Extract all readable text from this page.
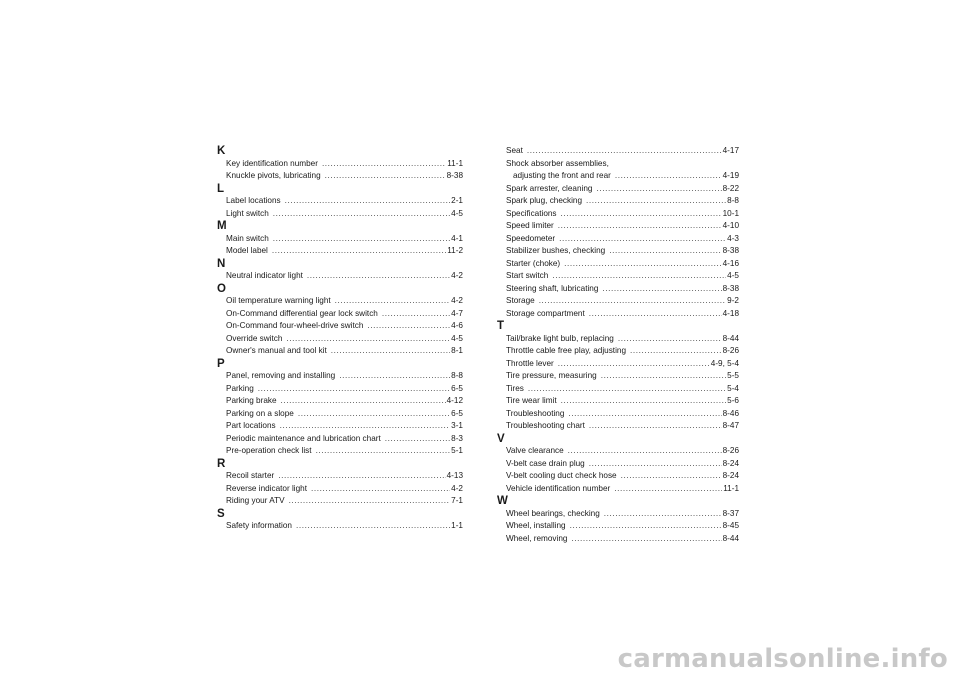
K
Key identification number .....	11-1
Knuckle pivots, lubricating .....	8-38
L
Label locations .....	2-1
Light switch .....	4-5
M
Main switch .....	4-1
Model label .....	11-2
N
Neutral indicator light .....	4-2
O
Oil temperature warning light .....	4-2
On-Command differential gear lock switch .....	4-7
On-Command four-wheel-drive switch .....	4-6
Override switch .....	4-5
Owner's manual and tool kit .....	8-1
P
Panel, removing and installing .....	8-8
Parking .....	6-5
Parking brake .....	4-12
Parking on a slope .....	6-5
Part locations .....	3-1
Periodic maintenance and lubrication chart .....	8-3
Pre-operation check list .....	5-1
R
Recoil starter .....	4-13
Reverse indicator light .....	4-2
Riding your ATV .....	7-1
S
Safety information .....	1-1
Seat .....	4-17
Shock absorber assemblies,
adjusting the front and rear .....	4-19
Spark arrester, cleaning .....	8-22
Spark plug, checking .....	8-8
Specifications .....	10-1
Speed limiter .....	4-10
Speedometer .....	4-3
Stabilizer bushes, checking .....	8-38
Starter (choke) .....	4-16
Start switch .....	4-5
Steering shaft, lubricating .....	8-38
Storage .....	9-2
Storage compartment .....	4-18
T
Tail/brake light bulb, replacing .....	8-44
Throttle cable free play, adjusting .....	8-26
Throttle lever .....	4-9, 5-4
Tire pressure, measuring .....	5-5
Tires .....	5-4
Tire wear limit .....	5-6
Troubleshooting .....	8-46
Troubleshooting chart .....	8-47
V
Valve clearance .....	8-26
V-belt case drain plug .....	8-24
V-belt cooling duct check hose .....	8-24
Vehicle identification number .....	11-1
W
Wheel bearings, checking .....	8-37
Wheel, installing .....	8-45
Wheel, removing .....	8-44
carmanualsonline.info
